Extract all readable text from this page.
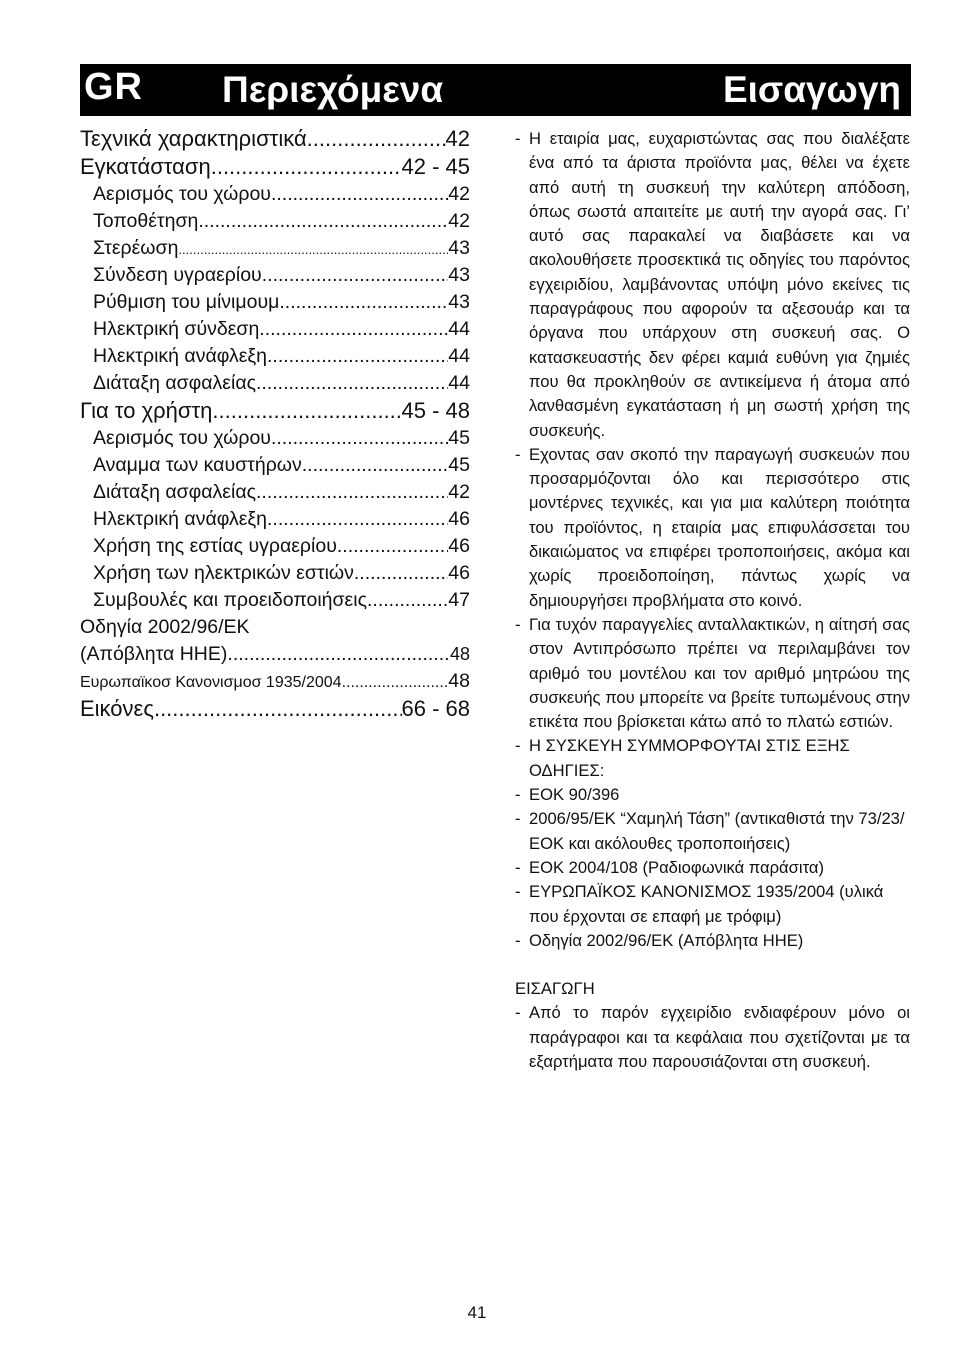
GR Περιεχόμενα	Εισαγωγη
Τεχνικά χαρακτηριστικά .....	42
Εγκατάσταση .....	42 - 45
Αερισμός του χώρου .....	42
Τοποθέτηση .....	42
Στερέωση .....	43
Σύνδεση υγραερίου .....	43
Ρύθμιση του μίνιμουμ .....	43
Ηλεκτρική σύνδεση .....	44
Ηλεκτρική ανάφλεξη .....	44
Διάταξη ασφαλείας .....	44
Για το χρήστη .....	45 - 48
Αερισμός του χώρου .....	45
Αναμμα των καυστήρων .....	45
Διάταξη ασφαλείας .....	42
Ηλεκτρική ανάφλεξη .....	46
Χρήση της εστίας υγραερίου .....	46
Χρήση των ηλεκτρικών εστιών .....	46
Συμβουλές και προειδοποιήσεις .....	47
Οδηγία 2002/96/ΕΚ
(Απόβλητα ΗΗΕ) .....	48
Ευρωπαϊκοσ Κανονισμοσ 1935/2004 .....	48
Εικόνες .....	66 - 68
- Η εταιρία μας, ευχαριστώντας σας που διαλέξατε ένα από τα άριστα προϊόντα μας, θέλει να έχετε από αυτή τη συσκευή την καλύτερη απόδοση, όπως σωστά απαιτείτε με αυτή την αγορά σας. Γι’ αυτό σας παρακαλεί να διαβάσετε και να ακολουθήσετε προσεκτικά τις οδηγίες του παρόντος εγχειριδίου, λαμβάνοντας υπόψη μόνο εκείνες τις παραγράφους που αφορούν τα αξεσουάρ και τα όργανα που υπάρχουν στη συσκευή σας. Ο κατασκευαστής δεν φέρει καμιά ευθύνη για ζημιές που θα προκληθούν σε αντικείμενα ή άτομα από λανθασμένη εγκατάσταση ή μη σωστή χρήση της συσκευής.
- Εχοντας σαν σκοπό την παραγωγή συσκευών που προσαρμόζονται όλο και περισσότερο στις μοντέρνες τεχνικές, και για μια καλύτερη ποιότητα του προϊόντος, η εταιρία μας επιφυλάσσεται του δικαιώματος να επιφέρει τροποποιήσεις, ακόμα και χωρίς προειδοποίηση, πάντως χωρίς να δημιουργήσει προβλήματα στο κοινό.
- Για τυχόν παραγγελίες ανταλλακτικών, η αίτησή σας στον Αντιπρόσωπο πρέπει να περιλαμβάνει τον αριθμό του μοντέλου και τον αριθμό μητρώου της συσκευής που μπορείτε να βρείτε τυπωμένους στην ετικέτα που βρίσκεται κάτω από το πλατώ εστιών.
- Η ΣΥΣΚΕΥΗ ΣΥΜΜΟΡΦΟΥΤΑΙ ΣΤΙΣ ΕΞΗΣ ΟΔΗΓΙΕΣ:
- ΕΟΚ 90/396
- 2006/95/ΕΚ “Χαμηλή Τάση” (αντικαθιστά την 73/23/ΕΟΚ και ακόλουθες τροποποιήσεις)
- ΕΟΚ 2004/108 (Ραδιοφωνικά παράσιτα)
- ΕΥΡΩΠΑΪΚΟΣ ΚΑΝΟΝΙΣΜΟΣ 1935/2004 (υλικά που έρχονται σε επαφή με τρόφιμ)
- Οδηγία 2002/96/ΕΚ (Απόβλητα ΗΗΕ)
ΕΙΣΑΓΩΓΗ
- Από το παρόν εγχειρίδιο ενδιαφέρουν μόνο οι παράγραφοι και τα κεφάλαια που σχετίζονται με τα εξαρτήματα που παρουσιάζονται στη συσκευή.
41
